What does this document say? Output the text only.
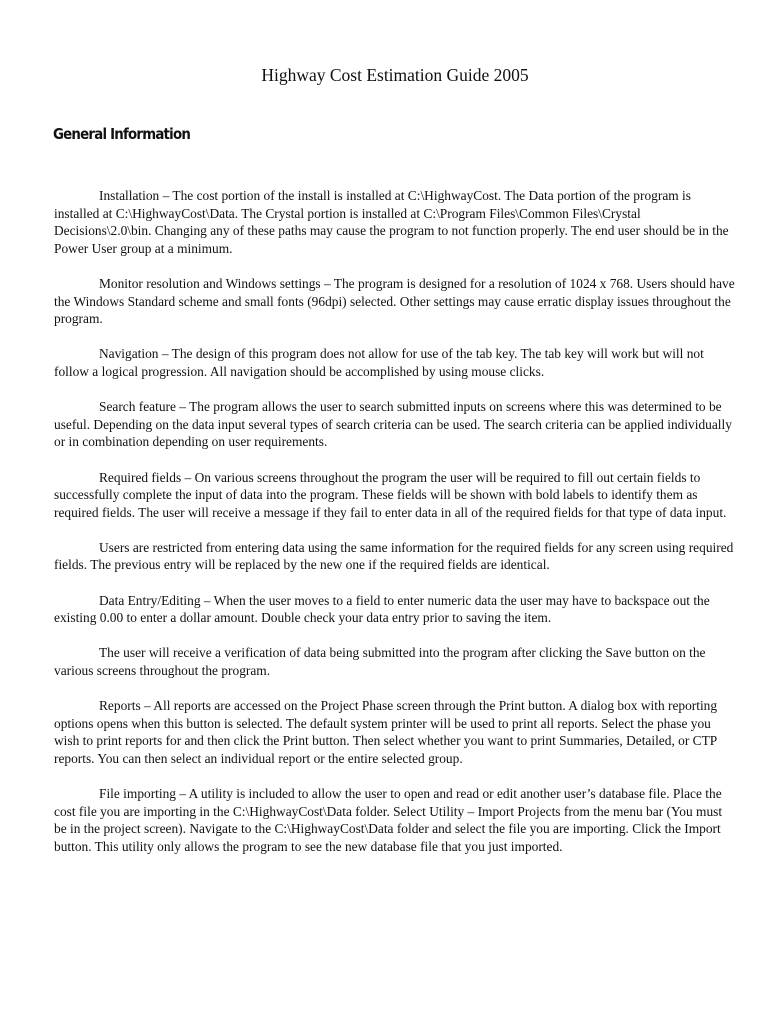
Highway Cost Estimation Guide 2005
General Information

Installation – The cost portion of the install is installed at C:\HighwayCost. The Data portion of the program is installed at C:\HighwayCost\Data. The Crystal portion is installed at C:\Program Files\Common Files\Crystal Decisions\2.0\bin. Changing any of these paths may cause the program to not function properly. The end user should be in the Power User group at a minimum.

Monitor resolution and Windows settings – The program is designed for a resolution of 1024 x 768. Users should have the Windows Standard scheme and small fonts (96dpi) selected. Other settings may cause erratic display issues throughout the program.

Navigation – The design of this program does not allow for use of the tab key. The tab key will work but will not follow a logical progression. All navigation should be accomplished by using mouse clicks.

Search feature – The program allows the user to search submitted inputs on screens where this was determined to be useful. Depending on the data input several types of search criteria can be used. The search criteria can be applied individually or in combination depending on user requirements.

Required fields – On various screens throughout the program the user will be required to fill out certain fields to successfully complete the input of data into the program. These fields will be shown with bold labels to identify them as required fields. The user will receive a message if they fail to enter data in all of the required fields for that type of data input.

Users are restricted from entering data using the same information for the required fields for any screen using required fields. The previous entry will be replaced by the new one if the required fields are identical.

Data Entry/Editing – When the user moves to a field to enter numeric data the user may have to backspace out the existing 0.00 to enter a dollar amount. Double check your data entry prior to saving the item.

The user will receive a verification of data being submitted into the program after clicking the Save button on the various screens throughout the program.

Reports – All reports are accessed on the Project Phase screen through the Print button. A dialog box with reporting options opens when this button is selected. The default system printer will be used to print all reports. Select the phase you wish to print reports for and then click the Print button. Then select whether you want to print Summaries, Detailed, or CTP reports. You can then select an individual report or the entire selected group.

File importing – A utility is included to allow the user to open and read or edit another user’s database file. Place the cost file you are importing in the C:\HighwayCost\Data folder. Select Utility – Import Projects from the menu bar (You must be in the project screen). Navigate to the C:\HighwayCost\Data folder and select the file you are importing. Click the Import button. This utility only allows the program to see the new database file that you just imported.
